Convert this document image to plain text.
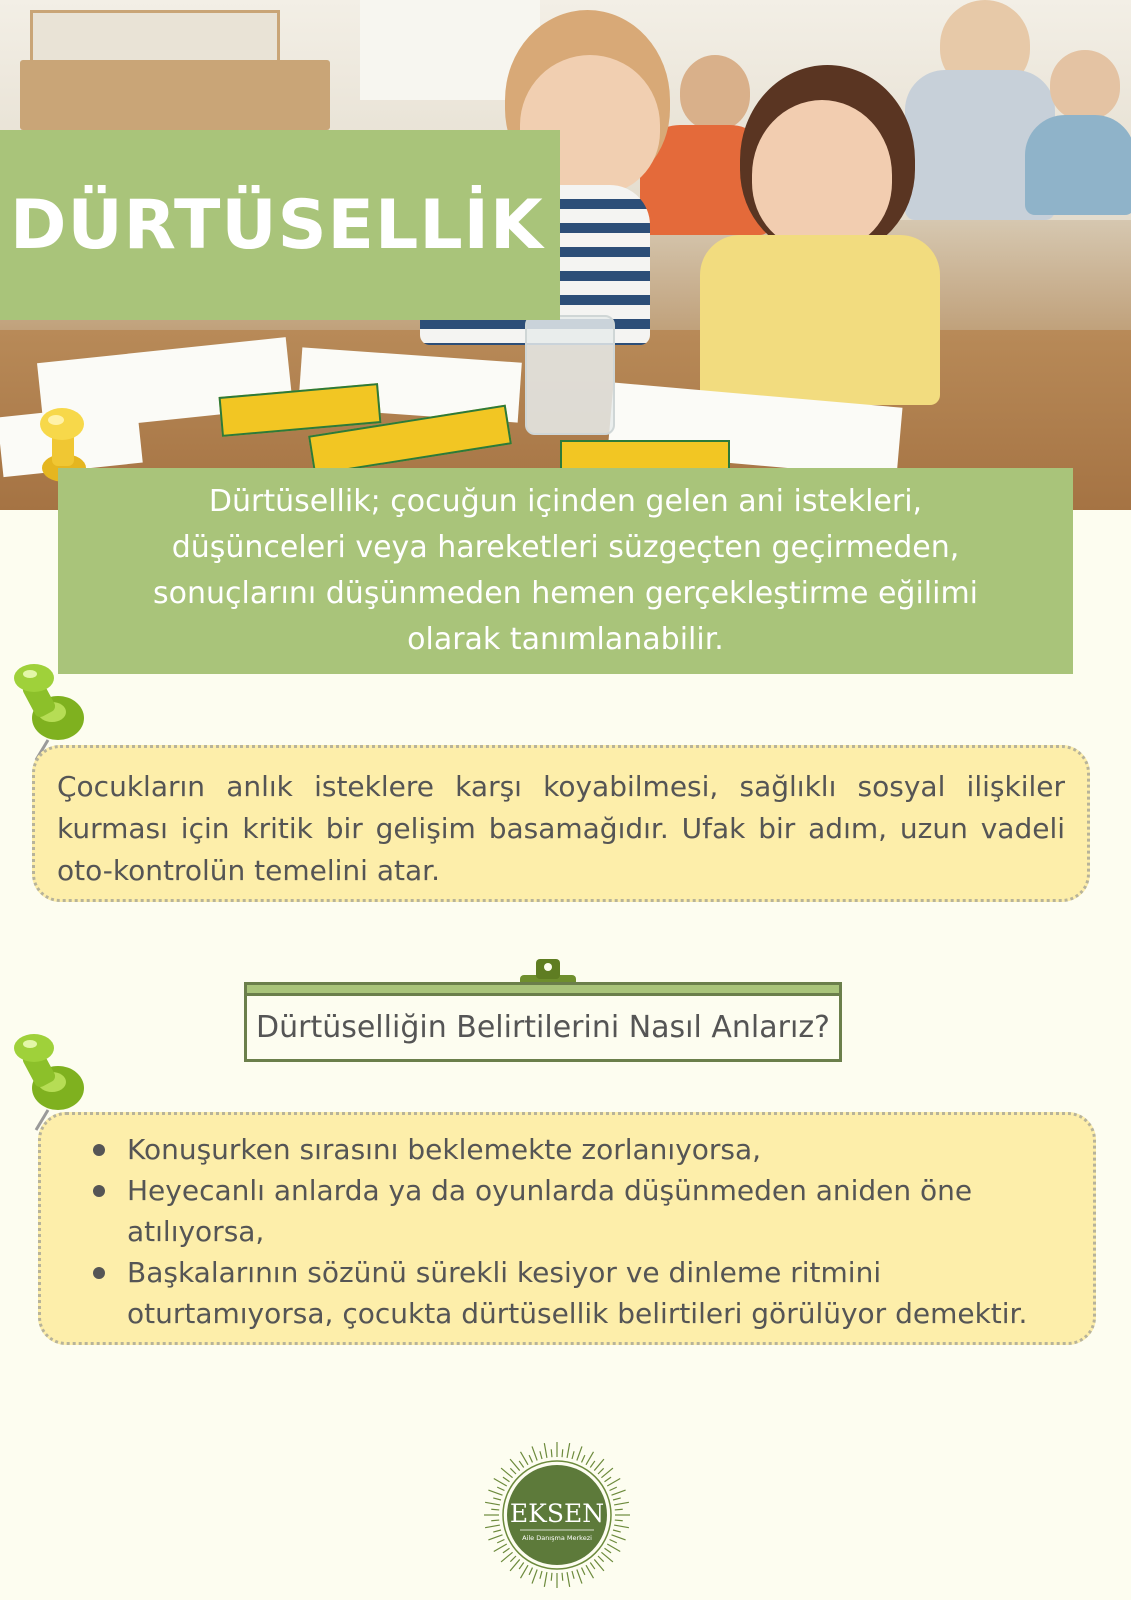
DÜRTÜSELLİK

Dürtüsellik; çocuğun içinden gelen ani istekleri, düşünceleri veya hareketleri süzgeçten geçirmeden, sonuçlarını düşünmeden hemen gerçekleştirme eğilimi olarak tanımlanabilir.

Çocukların anlık isteklere karşı koyabilmesi, sağlıklı sosyal ilişkiler kurması için kritik bir gelişim basamağıdır. Ufak bir adım, uzun vadeli oto-kontrolün temelini atar.

Dürtüselliğin Belirtilerini Nasıl Anlarız?
Konuşurken sırasını beklemekte zorlanıyorsa,
Heyecanlı anlarda ya da oyunlarda düşünmeden aniden öne atılıyorsa,
Başkalarının sözünü sürekli kesiyor ve dinleme ritmini oturtamıyorsa, çocukta dürtüsellik belirtileri görülüyor demektir.
EKSEN
Aile Danışma Merkezi
